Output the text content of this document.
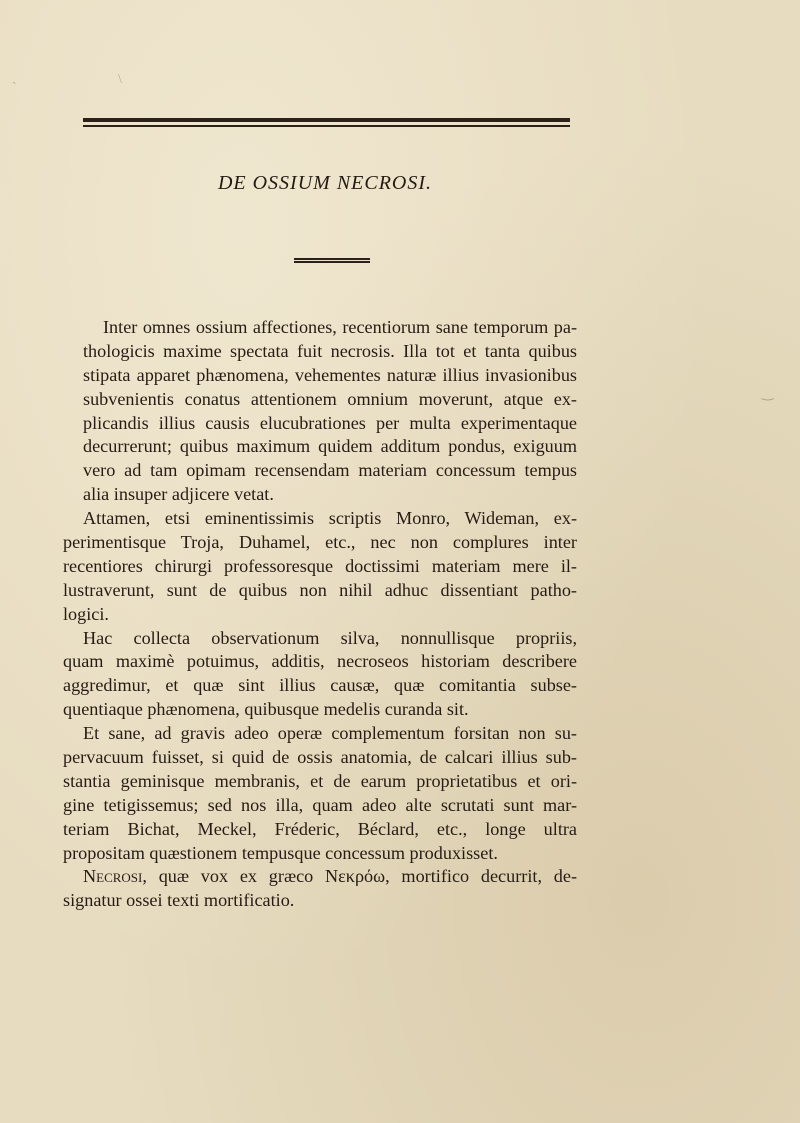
DE OSSIUM NECROSI.
Inter omnes ossium affectiones, recentiorum sane temporum pa-
thologicis maxime spectata fuit necrosis. Illa tot et tanta quibus
stipata apparet phænomena, vehementes naturæ illius invasionibus
subvenientis conatus attentionem omnium moverunt, atque ex-
plicandis illius causis elucubrationes per multa experimentaque
decurrerunt; quibus maximum quidem additum pondus, exiguum
vero ad tam opimam recensendam materiam concessum tempus
alia insuper adjicere vetat.
Attamen, etsi eminentissimis scriptis Monro, Wideman, ex-
perimentisque Troja, Duhamel, etc., nec non complures inter
recentiores chirurgi professoresque doctissimi materiam mere il-
lustraverunt, sunt de quibus non nihil adhuc dissentiant patho-
logici.
Hac collecta observationum silva, nonnullisque propriis,
quam maximè potuimus, additis, necroseos historiam describere
aggredimur, et quæ sint illius causæ, quæ comitantia subse-
quentiaque phænomena, quibusque medelis curanda sit.
Et sane, ad gravis adeo operæ complementum forsitan non su-
pervacuum fuisset, si quid de ossis anatomia, de calcari illius sub-
stantia geminisque membranis, et de earum proprietatibus et ori-
gine tetigissemus; sed nos illa, quam adeo alte scrutati sunt mar-
teriam Bichat, Meckel, Fréderic, Béclard, etc., longe ultra
propositam quæstionem tempusque concessum produxisset.
Necrosi, quæ vox ex græco Νεκρόω, mortifico decurrit, de-
signatur ossei texti mortificatio.
\
‿
ˎ
